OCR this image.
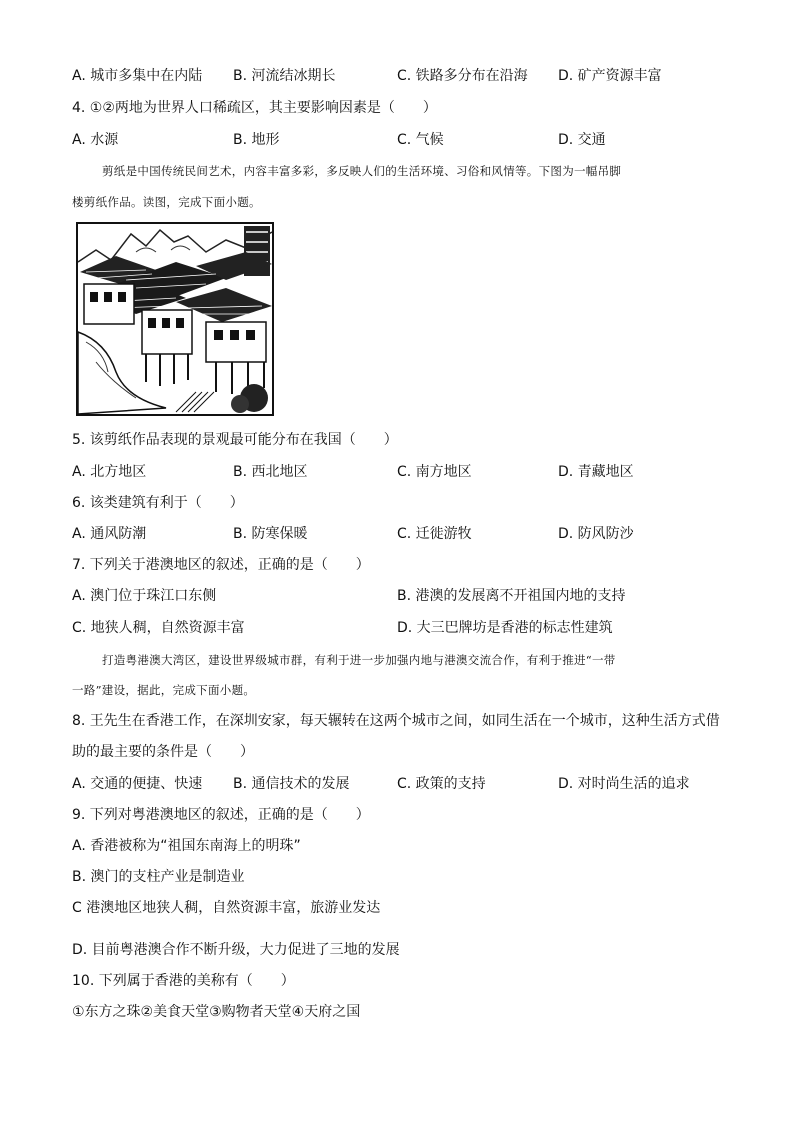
A. 城市多集中在内陆 B. 河流结冰期长	C. 铁路多分布在沿海 D. 矿产资源丰富
4. ①②两地为世界人口稀疏区，其主要影响因素是（　　）
A. 水源	B. 地形	C. 气候	D. 交通
剪纸是中国传统民间艺术，内容丰富多彩，多反映人们的生活环境、习俗和风情等。下图为一幅吊脚
楼剪纸作品。读图，完成下面小题。
5. 该剪纸作品表现的景观最可能分布在我国（　　）
A. 北方地区	B. 西北地区	C. 南方地区	D. 青藏地区
6. 该类建筑有利于（　　）
A. 通风防潮	B. 防寒保暖	C. 迁徙游牧	D. 防风防沙
7. 下列关于港澳地区的叙述，正确的是（　　）
A. 澳门位于珠江口东侧	B. 港澳的发展离不开祖国内地的支持
C. 地狭人稠，自然资源丰富	D. 大三巴牌坊是香港的标志性建筑
打造粤港澳大湾区，建设世界级城市群，有利于进一步加强内地与港澳交流合作，有利于推进“一带
一路”建设，据此，完成下面小题。
8. 王先生在香港工作，在深圳安家，每天辗转在这两个城市之间，如同生活在一个城市，这种生活方式借
助的最主要的条件是（　　）
A. 交通的便捷、快速 B. 通信技术的发展	C. 政策的支持	D. 对时尚生活的追求
9. 下列对粤港澳地区的叙述，正确的是（　　）
A. 香港被称为“祖国东南海上的明珠”
B. 澳门的支柱产业是制造业
C 港澳地区地狭人稠，自然资源丰富，旅游业发达
D. 目前粤港澳合作不断升级，大力促进了三地的发展
10. 下列属于香港的美称有（　　）
①东方之珠②美食天堂③购物者天堂④天府之国
